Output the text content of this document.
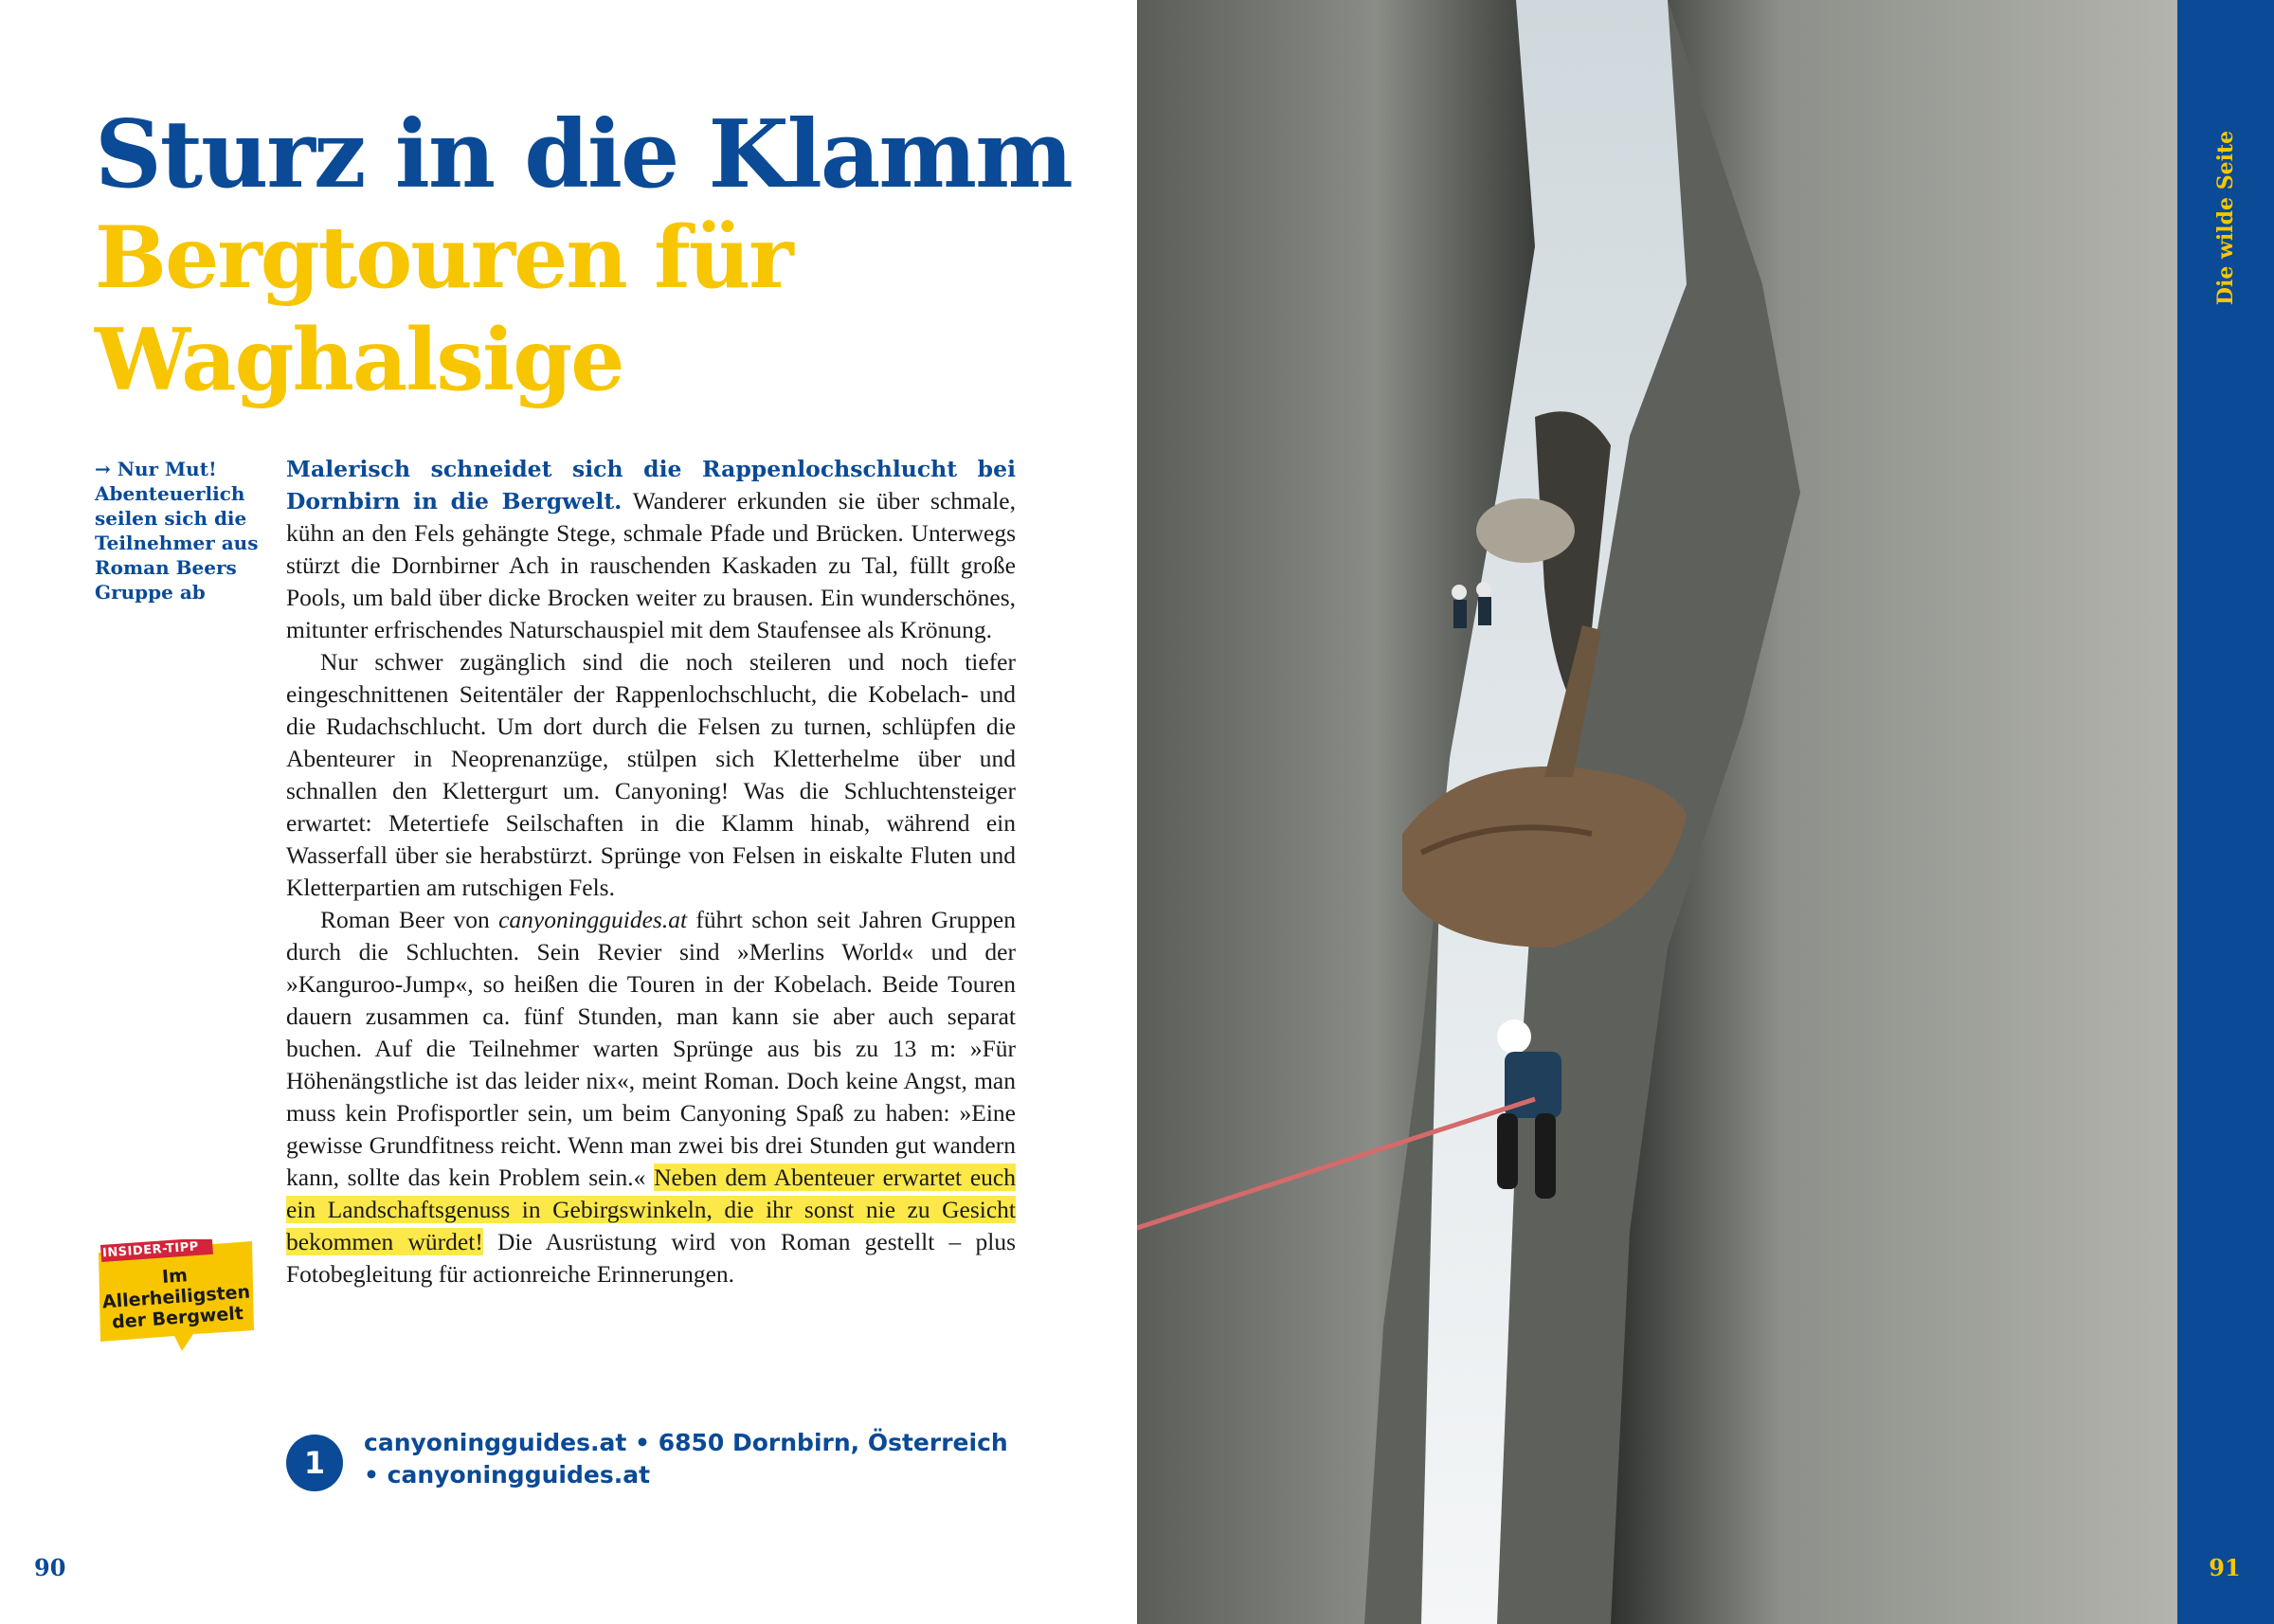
Sturz in die Klamm
Bergtouren für
Waghalsige
→ Nur Mut! Abenteuerlich seilen sich die Teilnehmer aus Roman Beers Gruppe ab

Malerisch schneidet sich die Rappenlochschlucht bei Dornbirn in die Bergwelt. Wanderer erkunden sie über schmale, kühn an den Fels gehängte Stege, schmale Pfade und Brücken. Unterwegs stürzt die Dornbirner Ach in rauschenden Kaskaden zu Tal, füllt große Pools, um bald über dicke Brocken weiter zu brausen. Ein wunderschönes, mitunter erfrischendes Naturschauspiel mit dem Staufensee als Krönung.

Nur schwer zugänglich sind die noch steileren und noch tiefer eingeschnittenen Seitentäler der Rappenlochschlucht, die Kobelach- und die Rudachschlucht. Um dort durch die Felsen zu turnen, schlüpfen die Abenteurer in Neoprenanzüge, stülpen sich Kletterhelme über und schnallen den Klettergurt um. Canyoning! Was die Schluchtensteiger erwartet: Metertiefe Seilschaften in die Klamm hinab, während ein Wasserfall über sie herabstürzt. Sprünge von Felsen in eiskalte Fluten und Kletterpartien am rutschigen Fels.

Roman Beer von canyoningguides.at führt schon seit Jahren Gruppen durch die Schluchten. Sein Revier sind »Merlins World« und der »Kanguroo-Jump«, so heißen die Touren in der Kobelach. Beide Touren dauern zusammen ca. fünf Stunden, man kann sie aber auch separat buchen. Auf die Teilnehmer warten Sprünge aus bis zu 13 m: »Für Höhenängstliche ist das leider nix«, meint Roman. Doch keine Angst, man muss kein Profisportler sein, um beim Canyoning Spaß zu haben: »Eine gewisse Grundfitness reicht. Wenn man zwei bis drei Stunden gut wandern kann, sollte das kein Problem sein.« Neben dem Abenteuer erwartet euch ein Landschaftsgenuss in Gebirgswinkeln, die ihr sonst nie zu Gesicht bekommen würdet! Die Ausrüstung wird von Roman gestellt – plus Fotobegleitung für actionreiche Erinnerungen.

INSIDER-TIPP
Im Allerheiligsten der Bergwelt
1
canyoningguides.at • 6850 Dornbirn, Österreich • canyoningguides.at
90
Die wilde Seite
91
